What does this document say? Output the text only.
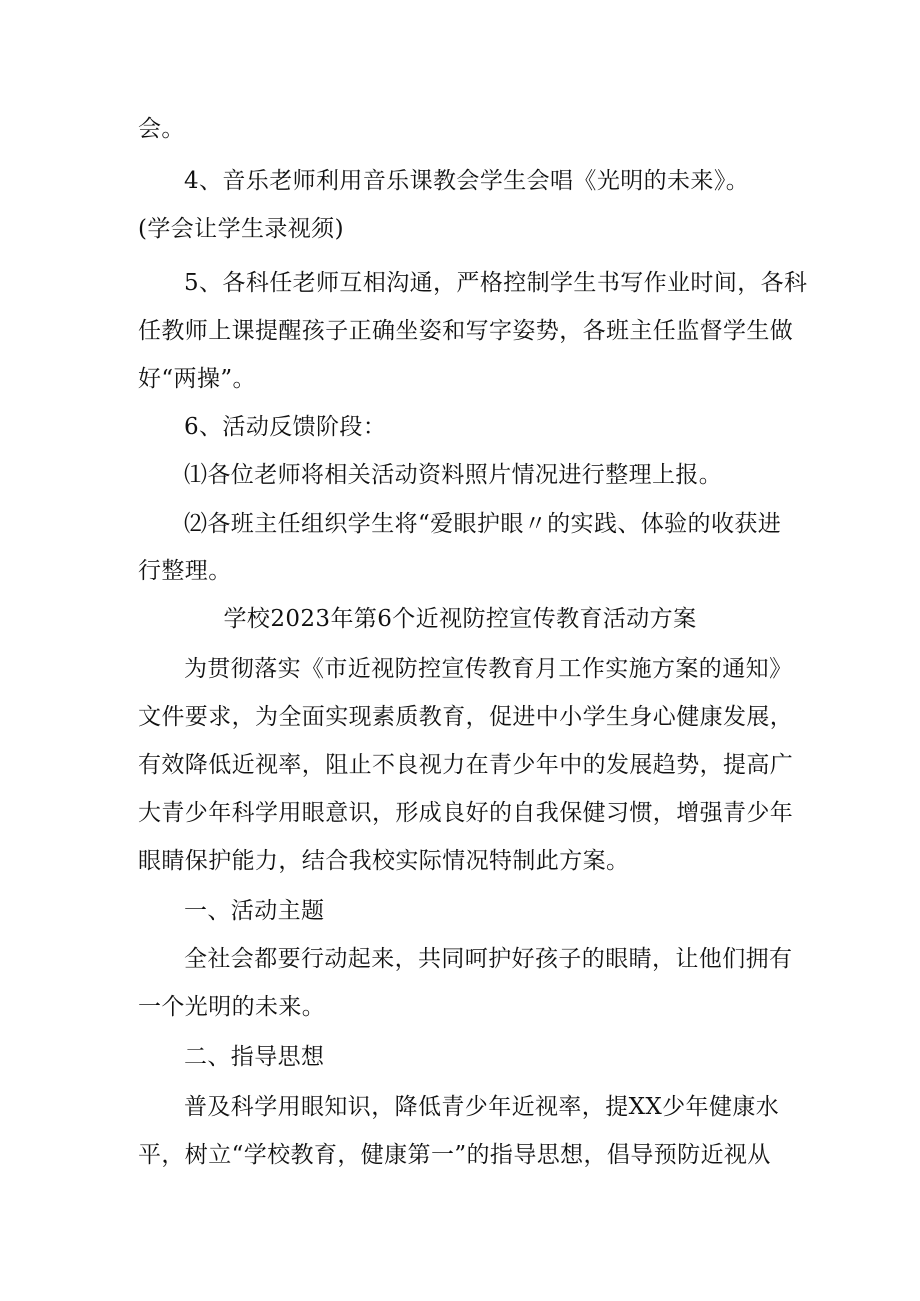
会。

4、音乐老师利用音乐课教会学生会唱《光明的未来》。

(学会让学生录视须)

5、各科任老师互相沟通，严格控制学生书写作业时间，各科

任教师上课提醒孩子正确坐姿和写字姿势，各班主任监督学生做

好“两操”。

6、活动反馈阶段：

⑴各位老师将相关活动资料照片情况进行整理上报。

⑵各班主任组织学生将“爱眼护眼〃的实践、体验的收获进

行整理。

学校2023年第6个近视防控宣传教育活动方案

为贯彻落实《市近视防控宣传教育月工作实施方案的通知》

文件要求，为全面实现素质教育，促进中小学生身心健康发展，

有效降低近视率，阻止不良视力在青少年中的发展趋势，提高广

大青少年科学用眼意识，形成良好的自我保健习惯，增强青少年

眼睛保护能力，结合我校实际情况特制此方案。

一、活动主题

全社会都要行动起来，共同呵护好孩子的眼睛，让他们拥有

一个光明的未来。

二、指导思想

普及科学用眼知识，降低青少年近视率，提XX少年健康水

平，树立“学校教育，健康第一”的指导思想，倡导预防近视从
